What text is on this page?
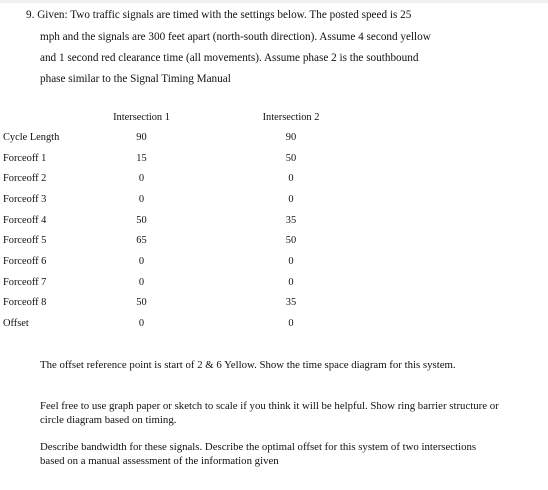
9. Given: Two traffic signals are timed with the settings below. The posted speed is 25
mph and the signals are 300 feet apart (north-south direction). Assume 4 second yellow
and 1 second red clearance time (all movements). Assume phase 2 is the southbound
phase similar to the Signal Timing Manual
	Intersection 1		Intersection 2
Cycle Length	90		90
Forceoff 1	15		50
Forceoff 2	0		0
Forceoff 3	0		0
Forceoff 4	50		35
Forceoff 5	65		50
Forceoff 6	0		0
Forceoff 7	0		0
Forceoff 8	50		35
Offset	0		0
The offset reference point is start of 2 & 6 Yellow. Show the time space diagram for this system.
Feel free to use graph paper or sketch to scale if you think it will be helpful. Show ring barrier structure or circle diagram based on timing.
Describe bandwidth for these signals. Describe the optimal offset for this system of two intersections based on a manual assessment of the information given
